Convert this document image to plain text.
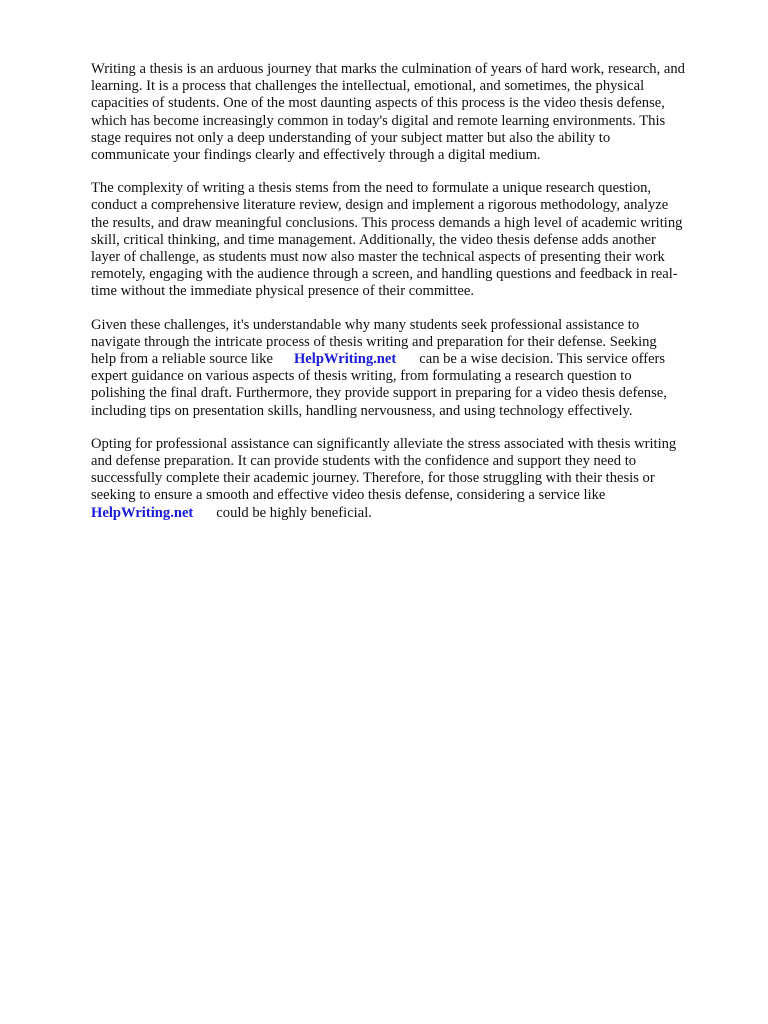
Writing a thesis is an arduous journey that marks the culmination of years of hard work, research, and
learning. It is a process that challenges the intellectual, emotional, and sometimes, the physical
capacities of students. One of the most daunting aspects of this process is the video thesis defense,
which has become increasingly common in today's digital and remote learning environments. This
stage requires not only a deep understanding of your subject matter but also the ability to
communicate your findings clearly and effectively through a digital medium.

The complexity of writing a thesis stems from the need to formulate a unique research question,
conduct a comprehensive literature review, design and implement a rigorous methodology, analyze
the results, and draw meaningful conclusions. This process demands a high level of academic writing
skill, critical thinking, and time management. Additionally, the video thesis defense adds another
layer of challenge, as students must now also master the technical aspects of presenting their work
remotely, engaging with the audience through a screen, and handling questions and feedback in real-
time without the immediate physical presence of their committee.

Given these challenges, it's understandable why many students seek professional assistance to
navigate through the intricate process of thesis writing and preparation for their defense. Seeking
help from a reliable source like HelpWriting.net can be a wise decision. This service offers
expert guidance on various aspects of thesis writing, from formulating a research question to
polishing the final draft. Furthermore, they provide support in preparing for a video thesis defense,
including tips on presentation skills, handling nervousness, and using technology effectively.

Opting for professional assistance can significantly alleviate the stress associated with thesis writing
and defense preparation. It can provide students with the confidence and support they need to
successfully complete their academic journey. Therefore, for those struggling with their thesis or
seeking to ensure a smooth and effective video thesis defense, considering a service like
HelpWriting.net could be highly beneficial.
